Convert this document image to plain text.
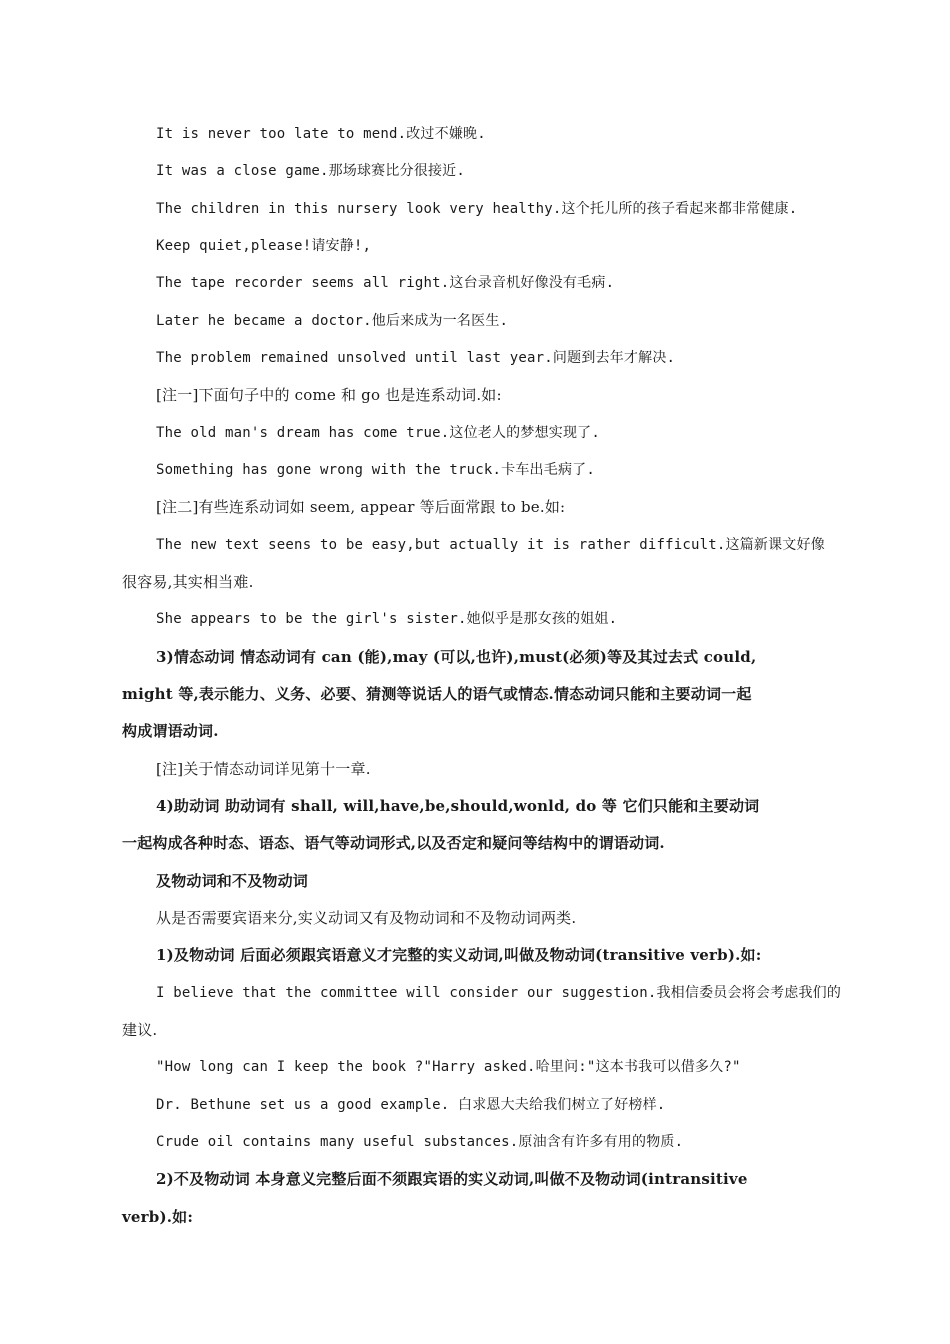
It is never too late to mend.改过不嫌晚.
It was a close game.那场球赛比分很接近.
The children in this nursery look very healthy.这个托儿所的孩子看起来都非常健康.
Keep quiet,please!请安静!,
The tape recorder seems all right.这台录音机好像没有毛病.
Later he became a doctor.他后来成为一名医生.
The problem remained unsolved until last year.问题到去年才解决.
[注一]下面句子中的 come 和 go 也是连系动词.如:
The old man's dream has come true.这位老人的梦想实现了.
Something has gone wrong with the truck.卡车出毛病了.
[注二]有些连系动词如 seem, appear 等后面常跟 to be.如:
The new text seens to be easy,but actually it is rather difficult.这篇新课文好像
很容易,其实相当难.
She appears to be the girl's sister.她似乎是那女孩的姐姐.
3)情态动词 情态动词有 can (能),may (可以,也许),must(必须)等及其过去式 could,
might 等,表示能力、义务、必要、猜测等说话人的语气或情态.情态动词只能和主要动词一起
构成谓语动词.
[注]关于情态动词详见第十一章.
4)助动词 助动词有 shall, will,have,be,should,wonld, do 等 它们只能和主要动词
一起构成各种时态、语态、语气等动词形式,以及否定和疑问等结构中的谓语动词.
及物动词和不及物动词
从是否需要宾语来分,实义动词又有及物动词和不及物动词两类.
1)及物动词 后面必须跟宾语意义才完整的实义动词,叫做及物动词(transitive verb).如:
I believe that the committee will consider our suggestion.我相信委员会将会考虑我们的
建议.
"How long can I keep the book ?"Harry asked.哈里问:"这本书我可以借多久?"
Dr. Bethune set us a good example. 白求恩大夫给我们树立了好榜样.
Crude oil contains many useful substances.原油含有许多有用的物质.
2)不及物动词 本身意义完整后面不须跟宾语的实义动词,叫做不及物动词(intransitive
verb).如:
